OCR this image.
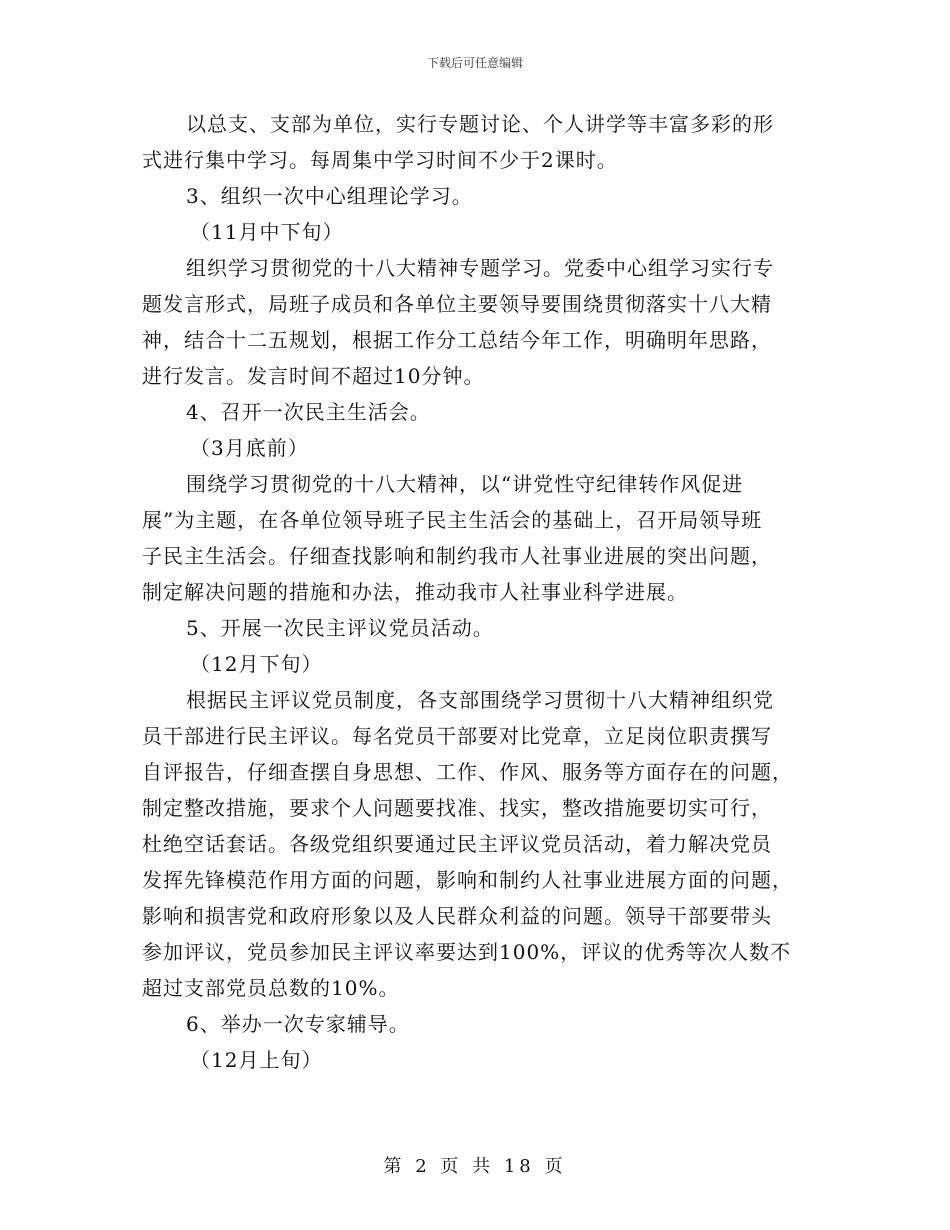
下载后可任意编辑
以总支、支部为单位，实行专题讨论、个人讲学等丰富多彩的形
式进行集中学习。每周集中学习时间不少于2课时。
3、组织一次中心组理论学习。
（11月中下旬）
组织学习贯彻党的十八大精神专题学习。党委中心组学习实行专
题发言形式，局班子成员和各单位主要领导要围绕贯彻落实十八大精
神，结合十二五规划，根据工作分工总结今年工作，明确明年思路，
进行发言。发言时间不超过10分钟。
4、召开一次民主生活会。
（3月底前）
围绕学习贯彻党的十八大精神，以“讲党性守纪律转作风促进
展”为主题，在各单位领导班子民主生活会的基础上，召开局领导班
子民主生活会。仔细查找影响和制约我市人社事业进展的突出问题，
制定解决问题的措施和办法，推动我市人社事业科学进展。
5、开展一次民主评议党员活动。
（12月下旬）
根据民主评议党员制度，各支部围绕学习贯彻十八大精神组织党
员干部进行民主评议。每名党员干部要对比党章，立足岗位职责撰写
自评报告，仔细查摆自身思想、工作、作风、服务等方面存在的问题，
制定整改措施，要求个人问题要找准、找实，整改措施要切实可行，
杜绝空话套话。各级党组织要通过民主评议党员活动，着力解决党员
发挥先锋模范作用方面的问题，影响和制约人社事业进展方面的问题，
影响和损害党和政府形象以及人民群众利益的问题。领导干部要带头
参加评议，党员参加民主评议率要达到100%，评议的优秀等次人数不
超过支部党员总数的10%。
6、举办一次专家辅导。
（12月上旬）
第 2 页 共 18 页
